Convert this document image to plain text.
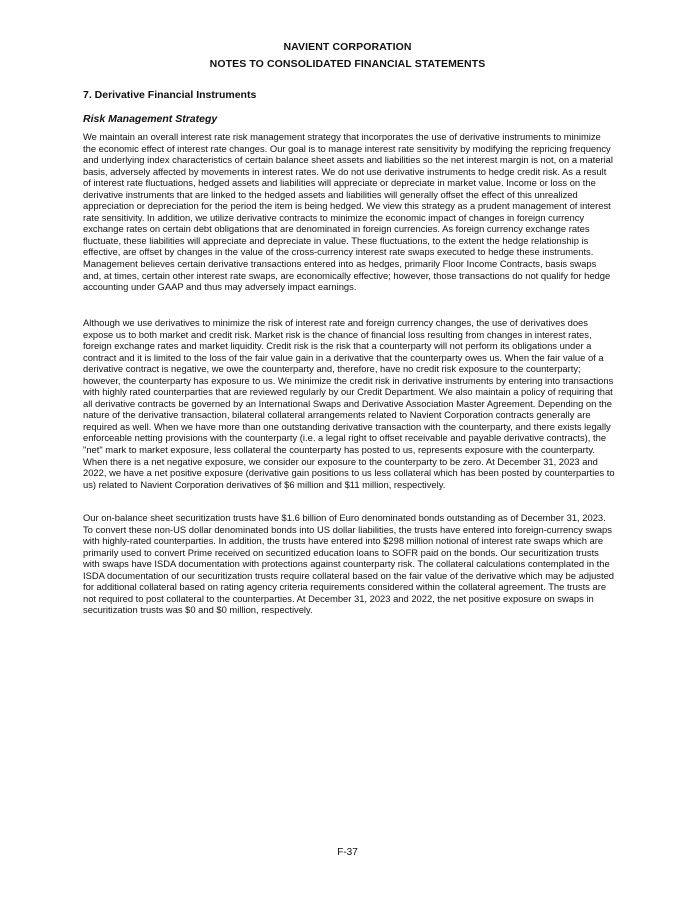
NAVIENT CORPORATION
NOTES TO CONSOLIDATED FINANCIAL STATEMENTS
7. Derivative Financial Instruments
Risk Management Strategy

We maintain an overall interest rate risk management strategy that incorporates the use of derivative instruments to minimize the economic effect of interest rate changes. Our goal is to manage interest rate sensitivity by modifying the repricing frequency and underlying index characteristics of certain balance sheet assets and liabilities so the net interest margin is not, on a material basis, adversely affected by movements in interest rates. We do not use derivative instruments to hedge credit risk. As a result of interest rate fluctuations, hedged assets and liabilities will appreciate or depreciate in market value. Income or loss on the derivative instruments that are linked to the hedged assets and liabilities will generally offset the effect of this unrealized appreciation or depreciation for the period the item is being hedged. We view this strategy as a prudent management of interest rate sensitivity. In addition, we utilize derivative contracts to minimize the economic impact of changes in foreign currency exchange rates on certain debt obligations that are denominated in foreign currencies. As foreign currency exchange rates fluctuate, these liabilities will appreciate and depreciate in value. These fluctuations, to the extent the hedge relationship is effective, are offset by changes in the value of the cross-currency interest rate swaps executed to hedge these instruments. Management believes certain derivative transactions entered into as hedges, primarily Floor Income Contracts, basis swaps and, at times, certain other interest rate swaps, are economically effective; however, those transactions do not qualify for hedge accounting under GAAP and thus may adversely impact earnings.

Although we use derivatives to minimize the risk of interest rate and foreign currency changes, the use of derivatives does expose us to both market and credit risk. Market risk is the chance of financial loss resulting from changes in interest rates, foreign exchange rates and market liquidity. Credit risk is the risk that a counterparty will not perform its obligations under a contract and it is limited to the loss of the fair value gain in a derivative that the counterparty owes us. When the fair value of a derivative contract is negative, we owe the counterparty and, therefore, have no credit risk exposure to the counterparty; however, the counterparty has exposure to us. We minimize the credit risk in derivative instruments by entering into transactions with highly rated counterparties that are reviewed regularly by our Credit Department. We also maintain a policy of requiring that all derivative contracts be governed by an International Swaps and Derivative Association Master Agreement. Depending on the nature of the derivative transaction, bilateral collateral arrangements related to Navient Corporation contracts generally are required as well. When we have more than one outstanding derivative transaction with the counterparty, and there exists legally enforceable netting provisions with the counterparty (i.e. a legal right to offset receivable and payable derivative contracts), the "net" mark to market exposure, less collateral the counterparty has posted to us, represents exposure with the counterparty. When there is a net negative exposure, we consider our exposure to the counterparty to be zero. At December 31, 2023 and 2022, we have a net positive exposure (derivative gain positions to us less collateral which has been posted by counterparties to us) related to Navient Corporation derivatives of $6 million and $11 million, respectively.

Our on-balance sheet securitization trusts have $1.6 billion of Euro denominated bonds outstanding as of December 31, 2023. To convert these non-US dollar denominated bonds into US dollar liabilities, the trusts have entered into foreign-currency swaps with highly-rated counterparties. In addition, the trusts have entered into $298 million notional of interest rate swaps which are primarily used to convert Prime received on securitized education loans to SOFR paid on the bonds. Our securitization trusts with swaps have ISDA documentation with protections against counterparty risk. The collateral calculations contemplated in the ISDA documentation of our securitization trusts require collateral based on the fair value of the derivative which may be adjusted for additional collateral based on rating agency criteria requirements considered within the collateral agreement. The trusts are not required to post collateral to the counterparties. At December 31, 2023 and 2022, the net positive exposure on swaps in securitization trusts was $0 and $0 million, respectively.

F-37
